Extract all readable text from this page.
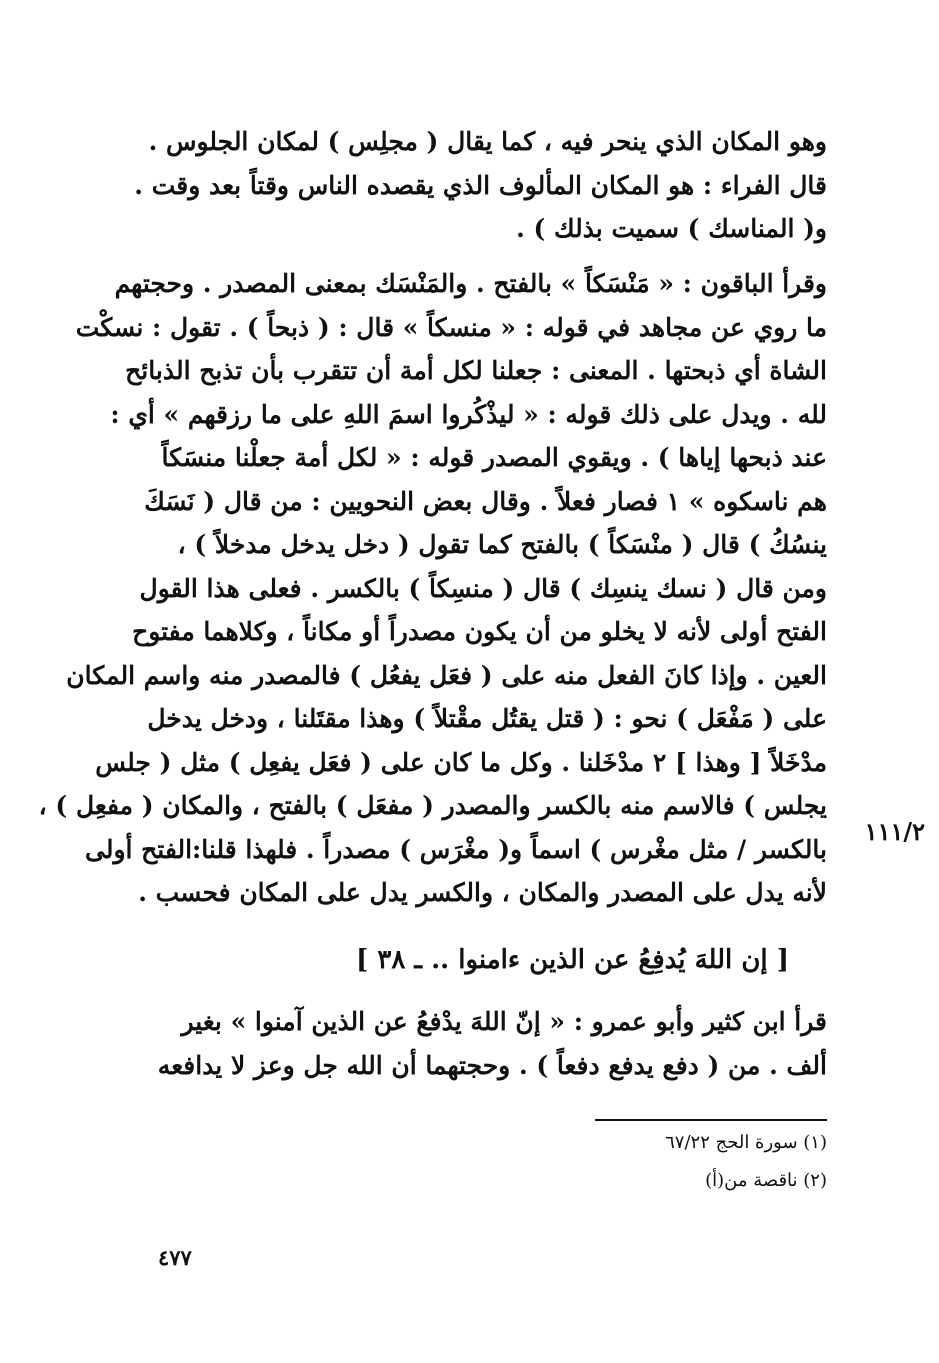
وهو المكان الذي ينحر فيه ، كما يقال ( مجلِس ) لمكان الجلوس .
قال الفراء : هو المكان المألوف الذي يقصده الناس وقتاً بعد وقت .
و( المناسك ) سميت بذلك ) .
وقرأ الباقون : « مَنْسَكاً » بالفتح . والمَنْسَك بمعنى المصدر . وحجتهم
ما روي عن مجاهد في قوله : « منسكاً » قال : ( ذبحاً ) . تقول : نسكْت
الشاة أي ذبحتها . المعنى : جعلنا لكل أمة أن تتقرب بأن تذبح الذبائح
لله . ويدل على ذلك قوله : « ليذْكُروا اسمَ اللهِ على ما رزقهم » أي :
عند ذبحها إياها ) . ويقوي المصدر قوله : « لكل أمة جعلْنا منسَكاً
هم ناسكوه » ١ فصار فعلاً . وقال بعض النحويين : من قال ( نَسَكَ
ينسُكُ ) قال ( منْسَكاً ) بالفتح كما تقول ( دخل يدخل مدخلاً ) ،
ومن قال ( نسك ينسِك ) قال ( منسِكاً ) بالكسر . فعلى هذا القول
الفتح أولى لأنه لا يخلو من أن يكون مصدراً أو مكاناً ، وكلاهما مفتوح
العين . وإذا كانَ الفعل منه على ( فعَل يفعُل ) فالمصدر منه واسم المكان
على ( مَفْعَل ) نحو : ( قتل يقتُل مقْتلاً ) وهذا مقتَلنا ، ودخل يدخل
مدْخَلاً [ وهذا ] ٢ مدْخَلنا . وكل ما كان على ( فعَل يفعِل ) مثل ( جلس
يجلس ) فالاسم منه بالكسر والمصدر ( مفعَل ) بالفتح ، والمكان ( مفعِل ) ،
بالكسر / مثل مغْرس ) اسماً و( مغْرَس ) مصدراً . فلهذا قلنا:الفتح أولى
لأنه يدل على المصدر والمكان ، والكسر يدل على المكان فحسب .
١١١/٢
[ إن اللهَ يُدفِعُ عن الذين ءامنوا .. ـ ٣٨ ]
قرأ ابن كثير وأبو عمرو : « إنّ اللهَ يدْفعُ عن الذين آمنوا » بغير
ألف . من ( دفع يدفع دفعاً ) . وحجتهما أن الله جل وعز لا يدافعه
(١) سورة الحج ٦٧/٢٢
(٢) ناقصة من(أ)
٤٧٧
